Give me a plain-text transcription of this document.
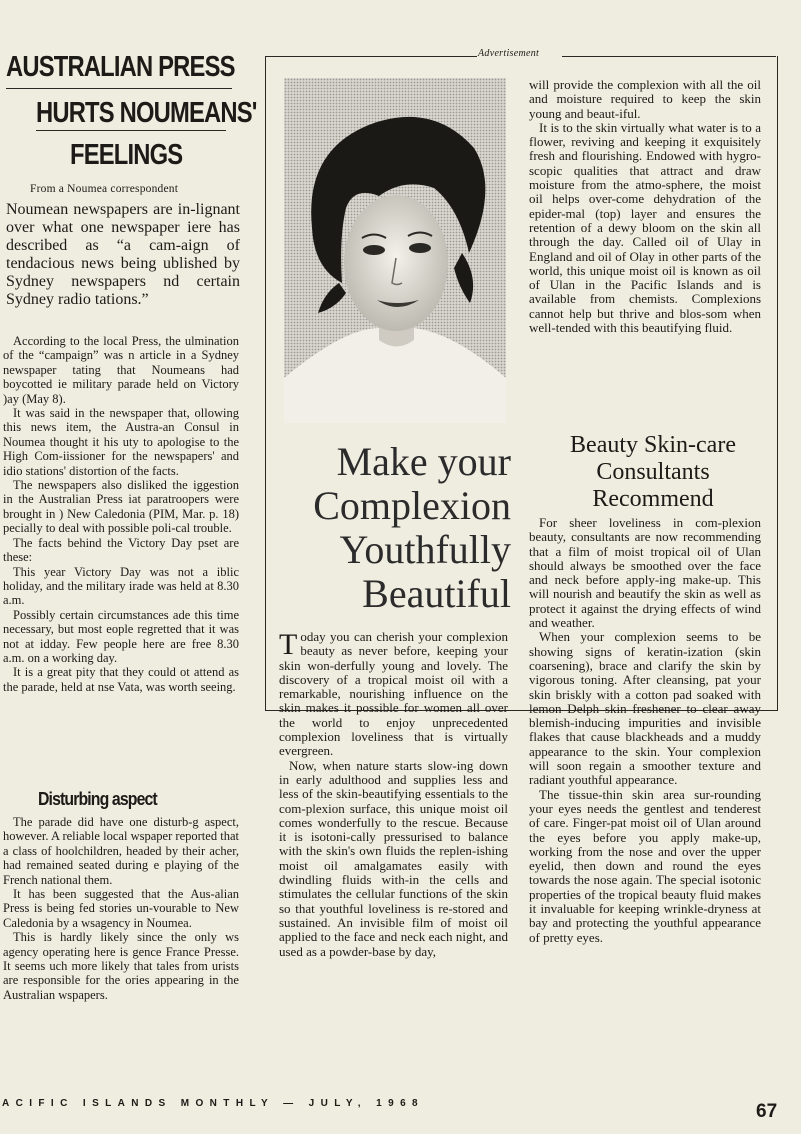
AUSTRALIAN PRESS
HURTS NOUMEANS'
FEELINGS
From a Noumea correspondent

Noumean newspapers are in-lignant over what one newspaper iere has described as “a cam-aign of tendacious news being ublished by Sydney newspapers nd certain Sydney radio tations.”

According to the local Press, the ulmination of the “campaign” was n article in a Sydney newspaper tating that Noumeans had boycotted ie military parade held on Victory )ay (May 8).

It was said in the newspaper that, ollowing this news item, the Austra-an Consul in Noumea thought it his uty to apologise to the High Com-iissioner for the newspapers' and idio stations' distortion of the facts.

The newspapers also disliked the iggestion in the Australian Press iat paratroopers were brought in ) New Caledonia (PIM, Mar. p. 18) pecially to deal with possible poli-cal trouble.

The facts behind the Victory Day pset are these:

This year Victory Day was not a iblic holiday, and the military irade was held at 8.30 a.m.

Possibly certain circumstances ade this time necessary, but most eople regretted that it was not at idday. Few people here are free 8.30 a.m. on a working day.

It is a great pity that they could ot attend as the parade, held at nse Vata, was worth seeing.

Disturbing aspect

The parade did have one disturb-g aspect, however. A reliable local wspaper reported that a class of hoolchildren, headed by their acher, had remained seated during e playing of the French national them.

It has been suggested that the Aus-alian Press is being fed stories un-vourable to New Caledonia by a wsagency in Noumea.

This is hardly likely since the only ws agency operating here is gence France Presse. It seems uch more likely that tales from urists are responsible for the ories appearing in the Australian wspapers.

Advertisement
Make your
Complexion
Youthfully
Beautiful

Today you can cherish your complexion beauty as never before, keeping your skin won-derfully young and lovely. The discovery of a tropical moist oil with a remarkable, nourishing influence on the skin makes it possible for women all over the world to enjoy unprecedented complexion loveliness that is virtually evergreen.

Now, when nature starts slow-ing down in early adulthood and supplies less and less of the skin-beautifying essentials to the com-plexion surface, this unique moist oil comes wonderfully to the rescue. Because it is isotoni-cally pressurised to balance with the skin's own fluids the replen-ishing moist oil amalgamates easily with dwindling fluids with-in the cells and stimulates the cellular functions of the skin so that youthful loveliness is re-stored and sustained. An invisible film of moist oil applied to the face and neck each night, and used as a powder-base by day,

will provide the complexion with all the oil and moisture required to keep the skin young and beaut-iful.

It is to the skin virtually what water is to a flower, reviving and keeping it exquisitely fresh and flourishing. Endowed with hygro-scopic qualities that attract and draw moisture from the atmo-sphere, the moist oil helps over-come dehydration of the epider-mal (top) layer and ensures the retention of a dewy bloom on the skin all through the day. Called oil of Ulay in England and oil of Olay in other parts of the world, this unique moist oil is known as oil of Ulan in the Pacific Islands and is available from chemists. Complexions cannot help but thrive and blos-som when well-tended with this beautifying fluid.

Beauty Skin-care
Consultants
Recommend

For sheer loveliness in com-plexion beauty, consultants are now recommending that a film of moist tropical oil of Ulan should always be smoothed over the face and neck before apply-ing make-up. This will nourish and beautify the skin as well as protect it against the drying effects of wind and weather.

When your complexion seems to be showing signs of keratin-ization (skin coarsening), brace and clarify the skin by vigorous toning. After cleansing, pat your skin briskly with a cotton pad soaked with lemon Delph skin freshener to clear away blemish-inducing impurities and invisible flakes that cause blackheads and a muddy appearance to the skin. Your complexion will soon regain a smoother texture and radiant youthful appearance.

The tissue-thin skin area sur-rounding your eyes needs the gentlest and tenderest of care. Finger-pat moist oil of Ulan around the eyes before you apply make-up, working from the nose and over the upper eyelid, then down and round the eyes towards the nose again. The special isotonic properties of the tropical beauty fluid makes it invaluable for keeping wrinkle-dryness at bay and protecting the youthful appearance of pretty eyes.

ACIFIC ISLANDS MONTHLY — JULY, 1968	67
